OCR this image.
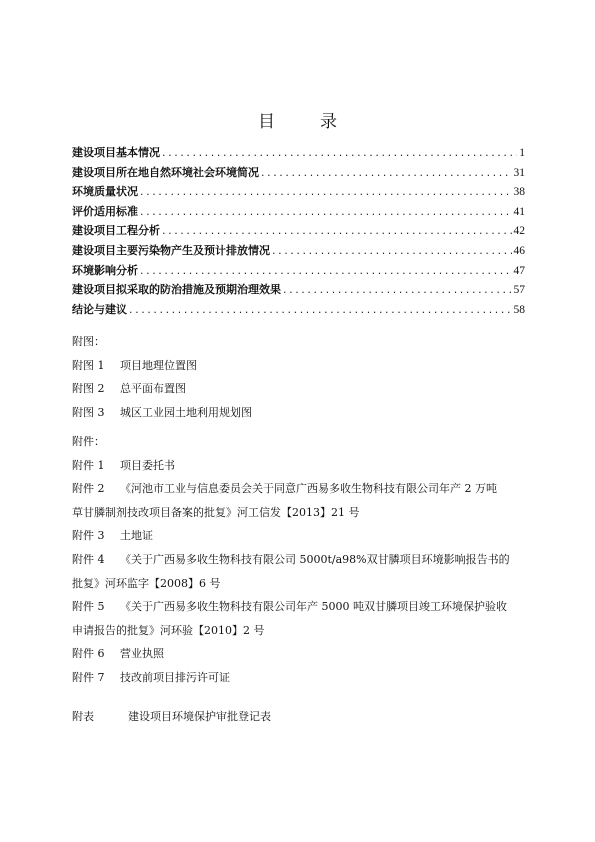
目　录
建设项目基本情况 .....	1
建设项目所在地自然环境社会环境简况 .....	31
环境质量状况 .....	38
评价适用标准 .....	41
建设项目工程分析 .....	42
建设项目主要污染物产生及预计排放情况 .....	46
环境影响分析 .....	47
建设项目拟采取的防治措施及预期治理效果 .....	57
结论与建议 .....	58

附图：

附图 1 项目地理位置图

附图 2 总平面布置图

附图 3 城区工业园土地利用规划图

附件：

附件 1 项目委托书

附件 2 《河池市工业与信息委员会关于同意广西易多收生物科技有限公司年产 2 万吨

草甘膦制剂技改项目备案的批复》河工信发【2013】21 号

附件 3 土地证

附件 4 《关于广西易多收生物科技有限公司 5000t/a98%双甘膦项目环境影响报告书的

批复》河环监字【2008】6 号

附件 5 《关于广西易多收生物科技有限公司年产 5000 吨双甘膦项目竣工环境保护验收

申请报告的批复》河环验【2010】2 号

附件 6 营业执照

附件 7 技改前项目排污许可证

附表	建设项目环境保护审批登记表
